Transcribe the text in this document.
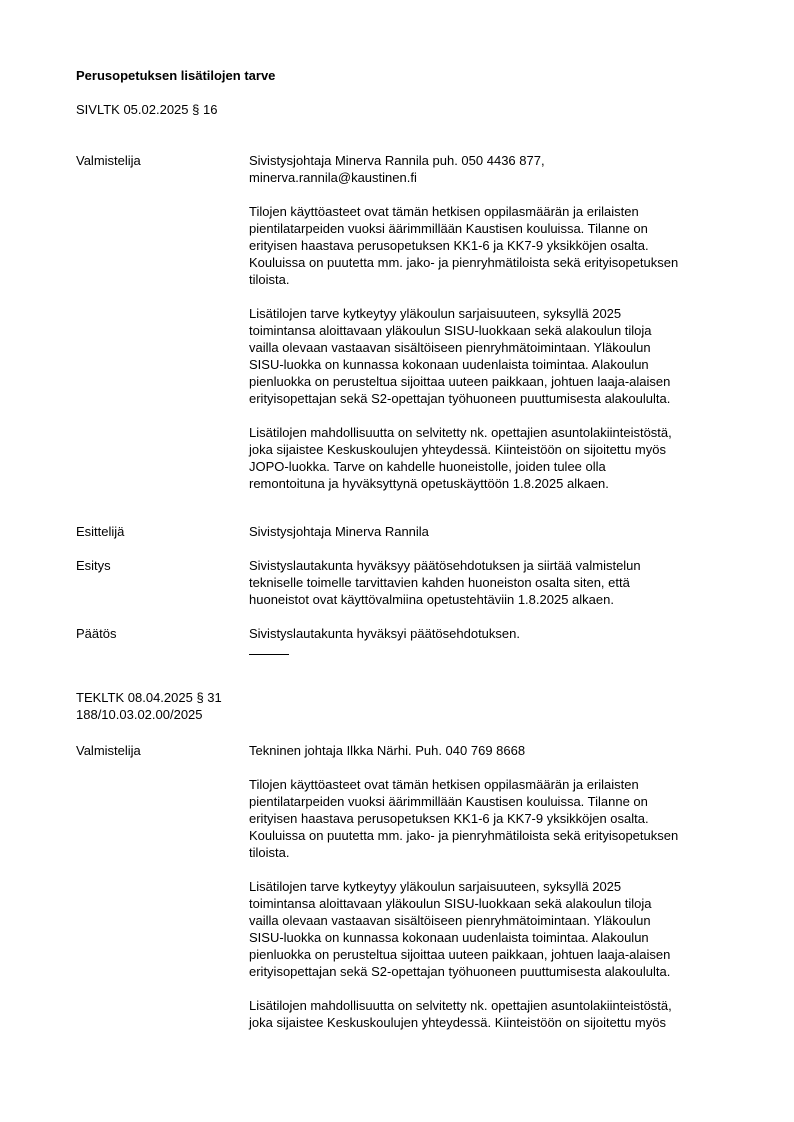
Perusopetuksen lisätilojen tarve
SIVLTK 05.02.2025 § 16
Valmistelija	Sivistysjohtaja Minerva Rannila puh. 050 4436 877,
minerva.rannila@kaustinen.fi
Tilojen käyttöasteet ovat tämän hetkisen oppilasmäärän ja erilaisten
pientilatarpeiden vuoksi äärimmillään Kaustisen kouluissa. Tilanne on
erityisen haastava perusopetuksen KK1-6 ja KK7-9 yksikköjen osalta.
Kouluissa on puutetta mm. jako- ja pienryhmätiloista sekä erityisopetuksen
tiloista.
Lisätilojen tarve kytkeytyy yläkoulun sarjaisuuteen, syksyllä 2025
toimintansa aloittavaan yläkoulun SISU-luokkaan sekä alakoulun tiloja
vailla olevaan vastaavan sisältöiseen pienryhmätoimintaan. Yläkoulun
SISU-luokka on kunnassa kokonaan uudenlaista toimintaa. Alakoulun
pienluokka on perusteltua sijoittaa uuteen paikkaan, johtuen laaja-alaisen
erityisopettajan sekä S2-opettajan työhuoneen puuttumisesta alakoululta.
Lisätilojen mahdollisuutta on selvitetty nk. opettajien asuntolakiinteistöstä,
joka sijaistee Keskuskoulujen yhteydessä. Kiinteistöön on sijoitettu myös
JOPO-luokka. Tarve on kahdelle huoneistolle, joiden tulee olla
remontoituna ja hyväksyttynä opetuskäyttöön 1.8.2025 alkaen.
Esittelijä	Sivistysjohtaja Minerva Rannila
Esitys	Sivistyslautakunta hyväksyy päätösehdotuksen ja siirtää valmistelun
tekniselle toimelle tarvittavien kahden huoneiston osalta siten, että
huoneistot ovat käyttövalmiina opetustehtäviin 1.8.2025 alkaen.
Päätös	Sivistyslautakunta hyväksyi päätösehdotuksen.
TEKLTK 08.04.2025 § 31
188/10.03.02.00/2025
Valmistelija	Tekninen johtaja Ilkka Närhi. Puh. 040 769 8668
Tilojen käyttöasteet ovat tämän hetkisen oppilasmäärän ja erilaisten
pientilatarpeiden vuoksi äärimmillään Kaustisen kouluissa. Tilanne on
erityisen haastava perusopetuksen KK1-6 ja KK7-9 yksikköjen osalta.
Kouluissa on puutetta mm. jako- ja pienryhmätiloista sekä erityisopetuksen
tiloista.
Lisätilojen tarve kytkeytyy yläkoulun sarjaisuuteen, syksyllä 2025
toimintansa aloittavaan yläkoulun SISU-luokkaan sekä alakoulun tiloja
vailla olevaan vastaavan sisältöiseen pienryhmätoimintaan. Yläkoulun
SISU-luokka on kunnassa kokonaan uudenlaista toimintaa. Alakoulun
pienluokka on perusteltua sijoittaa uuteen paikkaan, johtuen laaja-alaisen
erityisopettajan sekä S2-opettajan työhuoneen puuttumisesta alakoululta.
Lisätilojen mahdollisuutta on selvitetty nk. opettajien asuntolakiinteistöstä,
joka sijaistee Keskuskoulujen yhteydessä. Kiinteistöön on sijoitettu myös
